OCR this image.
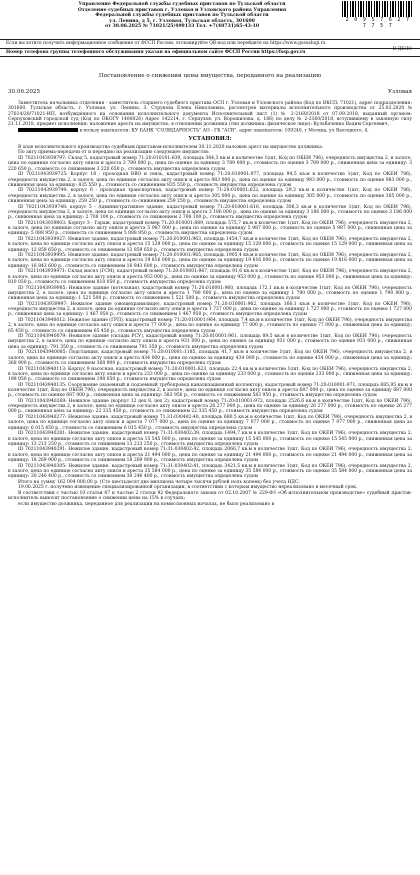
Управление Федеральной службы судебных приставов по Тульской области
Отделение судебных приставов г. Узловая и Узловского района Управления
Федеральной службы судебных приставов по Тульской области
ул. Ленина, д 5, г. Узловая, Тульская область, 301600
от 30.06.2025 № 71021/25/499133 Тел. +7(48731)65-43-10
2 0 9 5 7 6 2 7 7 7 5 7
Если вы хотите получить информационное сообщение от ФССП России, отсканируйте QR-код или перейдите на https://www.gosuslugi.ru
Номер телефона группы телефонного обслуживания указан на официальном сайте ФССП России https://fssp.gov.ru	В ДЕЛО
Постановление о снижении цены имущества, переданного на реализацию
30.06.2025	Узловая

Заместитель начальника отделения - заместитель старшего судебного пристава ОСП г. Узловая и Узловского района (Код по ВКСП: 71021), адрес подразделения: 301600, Тульская область, г. Узловая, ул. Ленина, 3, Струкова Елена Николаевна, рассмотрев материалы исполнительного производства от 25.03.2020 № 27614/20/71021-ИП, возбужденного на основании исполнительного документа Исполнительный лист (1) № 2-2160/2018 от 07.09.2018, выданный органом: Серпуховский городской суд (Код по ОКОГУ 1400026) Адрес 142214, г. Серпухов, ул. Ворошилова, д. 186) по делу № 2-2160/2018, вступившему в законную силу 21.11.2018, предмет исполнения: наложение ареста на имущество, в отношении должника (тип должника: физическое лицо): Кульбаченко Вадим Сергеевич,

в пользу взыскателя: КУ БАНК "СОЛИДАРНОСТЬ" АО - ГК "АСВ", адрес взыскателя: 109240, г Москва, ул Высоцкого, 4,

УСТАНОВИЛ:

В ходе исполнительного производства судебным приставом-исполнителем 30.11.2020 наложен арест на имущество должника.

По акту приема-передачи от и передано на реализацию следующее имущество.

ID 70211043939797: Склад 5, кадастровый номер 71:20:010101:639, площадь 364,3 кв.м в количестве 1(шт, Код по ОКЕИ 796), очередность имущества 2, в залоге, цена по единице согласно акту описи и ареста 3 789 000 р., цена по оценке за единицу 3 789 000 р., стоимость по оценке 3 789 000 р., сниженная цена за единицу: 3 220 650 р., стоимость со снижением 3 220 650 р., стоимость имущества определена судом

ID 70211043939725: Корпус 18 - проходная ВВО и связь, кадастровый номер 71:20:010001:977, площадь 94,5 кв.м в количестве 1(шт, Код по ОКЕИ 796), очередность имущества 2, в залоге, цена по единице согласно акту описи и ареста 983 000 р., цена по оценке за единицу 983 000 р., стоимость по оценке 983 000 р., сниженная цена за единицу: 835 550 р., стоимость со снижением 835 550 р., стоимость имущества определена судом

ID 70211043939749: корпус 6 - проходная транспортная, кадастровый номер 71:20:010001:622, площадь 29,3 кв.м в количестве 1(шт, Код по ОКЕИ 796), очередность имущества 2, в залоге, цена по единице согласно акту описи и ареста 305 000 р., цена по оценке за единицу 305 000 р., стоимость по оценке 305 000 р., сниженная цена за единицу: 259 250 р., стоимость со снижением 259 250 р., стоимость имущества определена судом

ID 70211043939748: корпус 5 - Административное здание, кадастровый номер 71:20:010001:616, площадь 306,3 кв.м в количестве 1(шт, Код по ОКЕИ 796), очередность имущества 2, в залоге, цена по единице согласно акту описи и ареста 3 186 000 р., цена по оценке за единицу 3 186 000 р., стоимость по оценке 3 186 000 р., сниженная цена за единицу: 2 708 100 р., стоимость со снижением 2 708 100 р., стоимость имущества определена судом

ID 70211043939803: Корпус 3 - Гараж, кадастровый номер 71:20:010001:889, площадь 575,7 кв.м в количестве 1(шт, Код по ОКЕИ 796), очередность имущества 2, в залоге, цена по единице согласно акту описи и ареста 5 987 000 р., цена по оценке за единицу 5 987 000 р., стоимость по оценке 5 987 000 р., сниженная цена за единицу: 5 088 950 р., стоимость со снижением 5 088 950 р., стоимость имущества определена судом

ID 70211043939927: Нежилое здание, кадастровый номер 71:20:010001:963, площадь 1454,7 кв.м в количестве 1(шт, Код по ОКЕИ 796), очередность имущества 2, в залоге, цена по единице согласно акту описи и ареста 15 129 000 р., цена по оценке за единицу 15 129 000 р., стоимость по оценке 15 129 000 р., сниженная цена за единицу: 12 859 650 р., стоимость со снижением 12 859 650 р., стоимость имущества определена судом

ID 70211043939995: Нежилое здание, кадастровый номер 71:20:010001:965, площадь 1905,4 кв.м в количестве 1(шт, Код по ОКЕИ 796), очередность имущества 2, в залоге, цена по единице согласно акту описи и ареста 19 816 000 р., цена по оценке за единицу 19 816 000 р., стоимость по оценке 19 816 000 р., сниженная цена за единицу: 16 843 600 р., стоимость со снижением 16 843 600 р., стоимость имущества определена судом

ID 70211043939971: Склад масел (ГСМ), кадастровый номер 71:20:010001:967, площадь 91,6 кв.м в количестве 1(шт, Код по ОКЕИ 796), очередность имущества 2, в залоге, цена по единице согласно акту описи и ареста 953 000 р., цена по оценке за единицу 953 000 р., стоимость по оценке 953 000 р., сниженная цена за единицу: 810 050 р., стоимость со снижением 810 050 р., стоимость имущества определена судом

ID 70211043939985: Нежилое здание (котельная), кадастровый номер 71:20:010001:960, площадь 172,1 кв.м в количестве 1(шт, Код по ОКЕИ 796), очередность имущества 2, в залоге, цена по единице согласно акту описи и ареста 1 790 000 р., цена по оценке за единицу 1 790 000 р., стоимость по оценке 1 790 000 р., сниженная цена за единицу: 1 521 500 р., стоимость со снижением 1 521 500 р., стоимость имущества определена судом

ID 70211043939997: Нежилое здание (овощехранилище), кадастровый номер 71:20:010001:962, площадь 166,1 кв.м в количестве 1(шт, Код по ОКЕИ 796), очередность имущества 2, в залоге, цена по единице согласно акту описи и ареста 1 727 000 р., цена по оценке за единицу 1 727 000 р., стоимость по оценке 1 727 000 р., сниженная цена за единицу: 1 467 950 р., стоимость со снижением 1 467 950 р., стоимость имущества определена судом

ID 70211043940012: Нежилое здание (ГРП), кадастровый номер 71:20:010001:964, площадь 7,4 кв.м в количестве 1(шт, Код по ОКЕИ 796), очередность имущества 2, в залоге, цена по единице согласно акту описи и ареста 77 000 р., цена по оценке за единицу 77 000 р., стоимость по оценке 77 000 р., сниженная цена за единицу: 65 450 р., стоимость со снижением 65 450 р., стоимость имущества определена судом

ID 70211043940079: Нежилое здание (склады РСУ), кадастровый номер 71:20:010001:961, площадь 89,5 кв.м в количестве 1(шт, Код по ОКЕИ 796), очередность имущества 2, в залоге, цена по единице согласно акту описи и ареста 931 000 р., цена по оценке за единицу 931 000 р., стоимость по оценке 931 000 р., сниженная цена за единицу: 791 350 р., стоимость со снижением 791 350 р., стоимость имущества определена судом

ID 70211043940085: Подстанция, кадастровый номер 71:20:010001:1185, площадь 41,7 кв.м в количестве 1(шт, Код по ОКЕИ 796), очередность имущества 2, в залоге, цена по единице согласно акту описи и ареста 434 000 р., цена по оценке за единицу 434 000 р., стоимость по оценке 434 000 р., сниженная цена за единицу: 368 900 р., стоимость со снижением 368 900 р., стоимость имущества определена судом

ID 70211043940113: Корпус 9 насосная, кадастровый номер 71:20:010001:623, площадь 22,4 кв.м в количестве 1(шт, Код по ОКЕИ 796), очередность имущества 2, в залоге, цена по единице согласно акту описи и ареста 233 000 р., цена по оценке за единицу 233 000 р., стоимость по оценке 233 000 р., сниженная цена за единицу: 198 050 р., стоимость со снижением 198 050 р., стоимость имущества определена судом

ID 70211043940135: Сооружение (наземный и подземный трубопровод канализационный коллектор), кадастровый номер 71:20:010001:971, площадь 685,95 кв.м в количестве 1(шт, Код по ОКЕИ 796), очередность имущества 2, в залоге, цена по единице согласно акту описи и ареста 687 000 р., цена по оценке за единицу 687 000 р., стоимость по оценке 687 000 р., сниженная цена за единицу: 583 950 р., стоимость со снижением 583 950 р., стоимость имущества определена судом

ID 70211043940269: Нежилое здание (корпус 12 цех 8, цех 2), кадастровый номер 71:20:010001:972, площадь 2526,6 кв.м в количестве 1(шт, Код по ОКЕИ 796), очередность имущества 2, в залоге, цена по единице согласно акту описи и ареста 26 277 000 р., цена по оценке за единицу 26 277 000 р., стоимость по оценке 26 277 000 р., сниженная цена за единицу: 22 335 450 р., стоимость со снижением 22 335 450 р., стоимость имущества определена судом

ID 70211043940277: Нежилое здание, кадастровый номер 71:31:030402:40, площадь 680,5 кв.м в количестве 1(шт, Код по ОКЕИ 796), очередность имущества 2, в залоге, цена по единице согласно акту описи и ареста 7 077 000 р., цена по оценке за единицу 7 077 000 р., стоимость по оценке 7 077 000 р., сниженная цена за единицу: 6 015 450 р., стоимость со снижением 6 015 450 р., стоимость имущества определена судом

ID 70211043940281: Нежилое здание, кадастровый номер 71:31:030402:39, площадь 1494,7 кв.м в количестве 1(шт, Код по ОКЕИ 796), очередность имущества 2, в залоге, цена по единице согласно акту описи и ареста 15 545 000 р., цена по оценке за единицу 15 545 000 р., стоимость по оценке 15 545 000 р., сниженная цена за единицу: 13 213 250 р., стоимость со снижением 13 213 250 р., стоимость имущества определена судом

ID 70211043940291: Нежилое здание, кадастровый номер 71:31:030402:42, площадь 2066,7 кв.м в количестве 1(шт, Код по ОКЕИ 796), очередность имущества 2, в залоге, цена по единице согласно акту описи и ареста 21 494 000 р., цена по оценке за единицу 21 494 000 р., стоимость по оценке 21 494 000 р., сниженная цена за единицу: 18 269 900 р., стоимость со снижением 18 269 900 р., стоимость имущества определена судом

ID 70211043940305: Нежилое здание, кадастровый номер 71:31:030402:41, площадь 3421,5 кв.м в количестве 1(шт, Код по ОКЕИ 796), очередность имущества 2, в залоге, цена по единице согласно акту описи и ареста 35 584 000 р., цена по оценке за единицу 35 584 000 р., стоимость по оценке 35 584 000 р., сниженная цена за единицу: 30 246 400 р., стоимость со снижением 30 246 400 р., стоимость имущества определена судом

Итого на сумму 162 004 000,00 р. (Сто шестьдесят два миллиона четыре тысячи рублей ноль копеек) без учета НДС.

19.06.2025 г. получено извещение специализированной организации, в соответствии с которым имущество нереализовано в месячный срок.

В соответствии с частью 10 статьи 87 и частью 2 статьи 92 Федерального закона от 02.10.2007 № 229-ФЗ «Об исполнительном производстве» судебный пристав-исполнитель выносит постановление о снижении цены на 15% в случаях:

если имущество должника, переданное для реализации на комиссионных началах, не было реализовано в
